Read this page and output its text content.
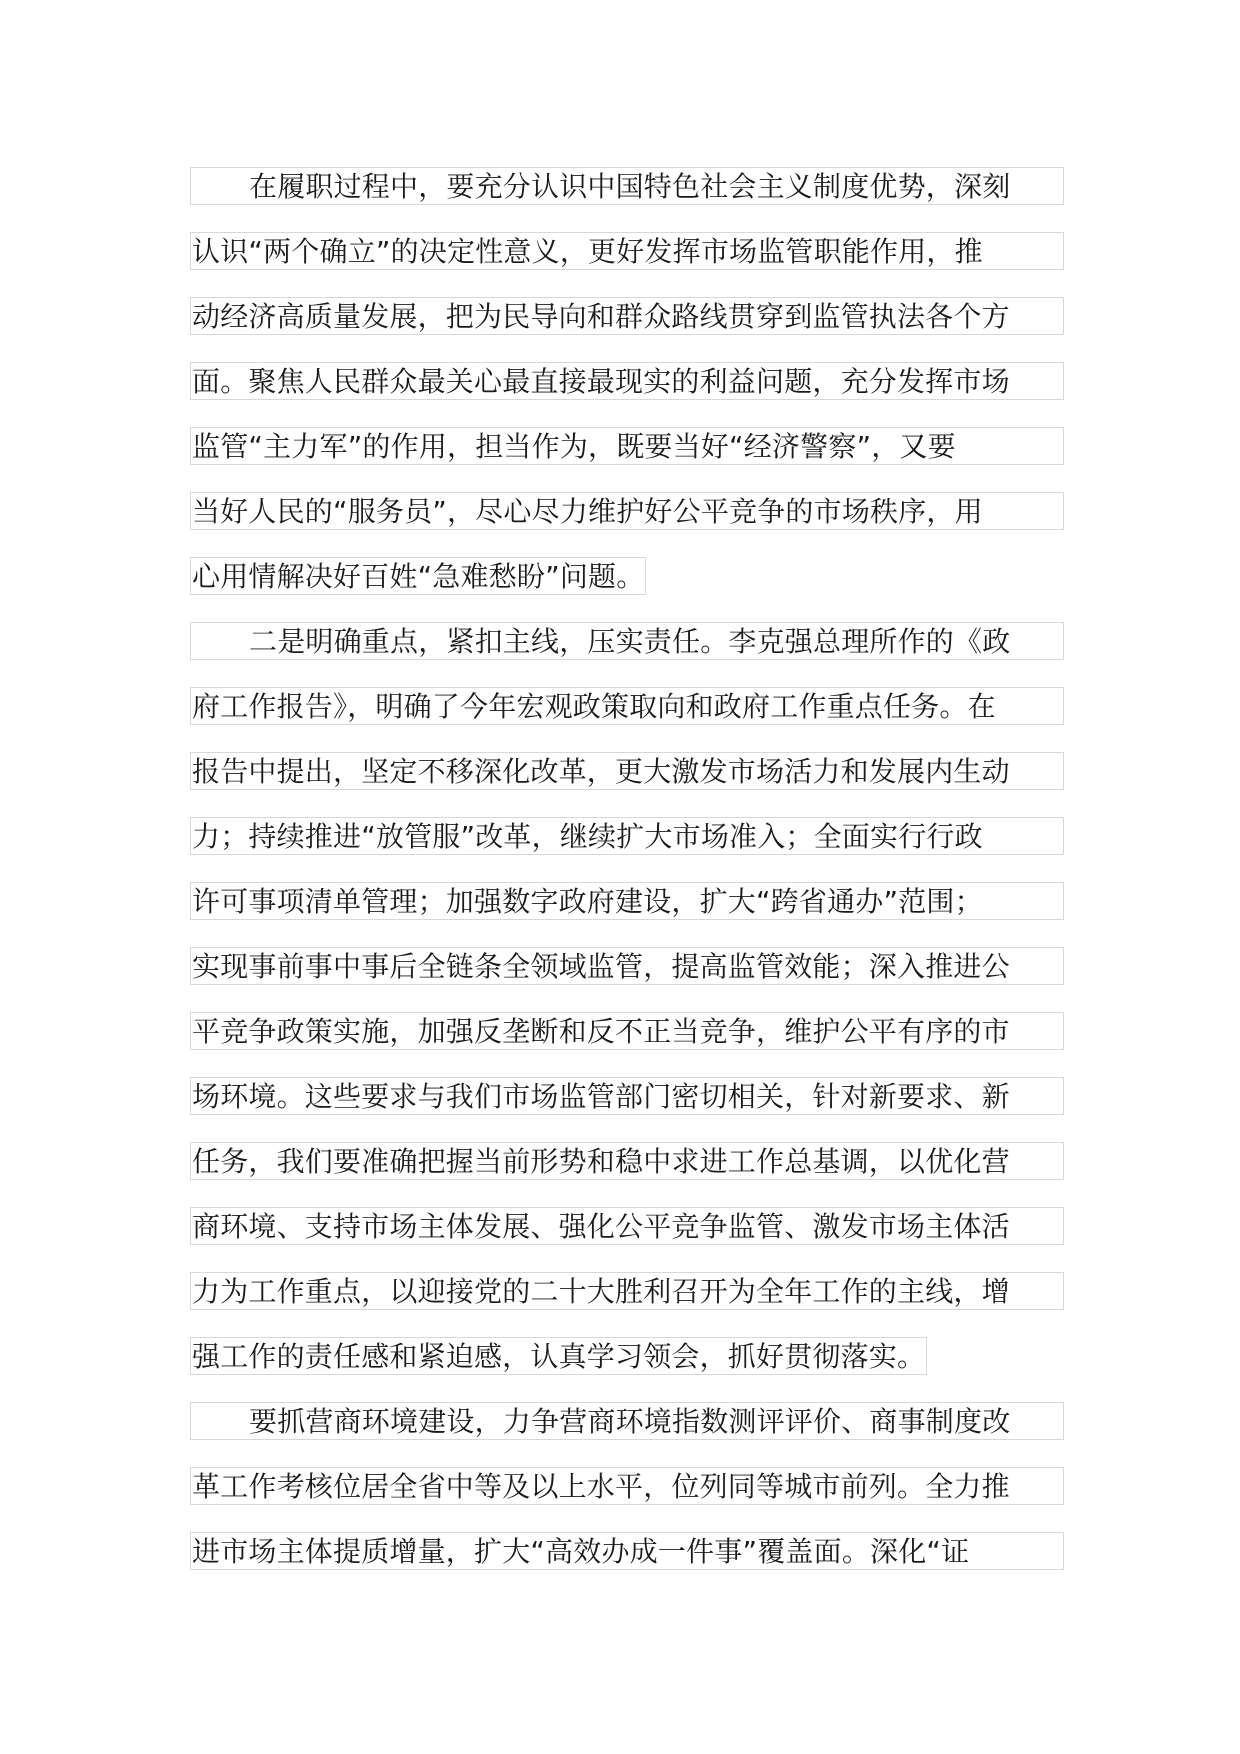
在履职过程中，要充分认识中国特色社会主义制度优势，深刻
认识“两个确立”的决定性意义，更好发挥市场监管职能作用，推
动经济高质量发展，把为民导向和群众路线贯穿到监管执法各个方
面。聚焦人民群众最关心最直接最现实的利益问题，充分发挥市场
监管“主力军”的作用，担当作为，既要当好“经济警察”，又要
当好人民的“服务员”，尽心尽力维护好公平竞争的市场秩序，用
心用情解决好百姓“急难愁盼”问题。
二是明确重点，紧扣主线，压实责任。李克强总理所作的《政
府工作报告》，明确了今年宏观政策取向和政府工作重点任务。在
报告中提出，坚定不移深化改革，更大激发市场活力和发展内生动
力；持续推进“放管服”改革，继续扩大市场准入；全面实行行政
许可事项清单管理；加强数字政府建设，扩大“跨省通办”范围；
实现事前事中事后全链条全领域监管，提高监管效能；深入推进公
平竞争政策实施，加强反垄断和反不正当竞争，维护公平有序的市
场环境。这些要求与我们市场监管部门密切相关，针对新要求、新
任务，我们要准确把握当前形势和稳中求进工作总基调，以优化营
商环境、支持市场主体发展、强化公平竞争监管、激发市场主体活
力为工作重点，以迎接党的二十大胜利召开为全年工作的主线，增
强工作的责任感和紧迫感，认真学习领会，抓好贯彻落实。
要抓营商环境建设，力争营商环境指数测评评价、商事制度改
革工作考核位居全省中等及以上水平，位列同等城市前列。全力推
进市场主体提质增量，扩大“高效办成一件事”覆盖面。深化“证
